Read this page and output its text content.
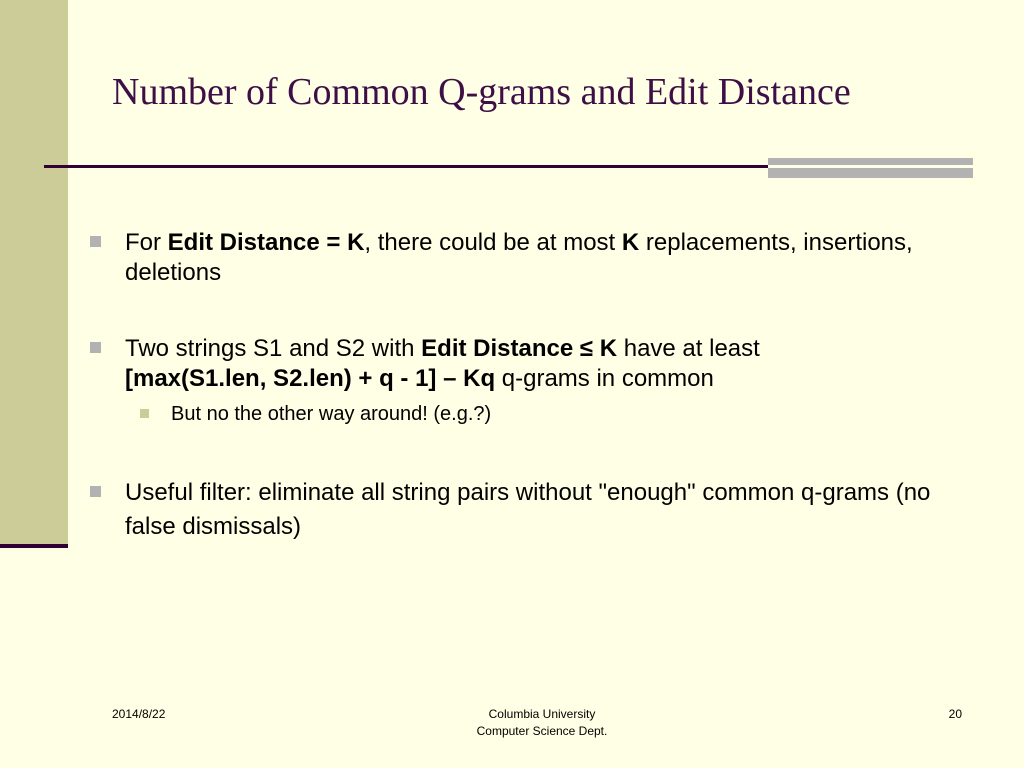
Number of Common Q-grams and Edit Distance
For Edit Distance = K, there could be at most K replacements, insertions, deletions
Two strings S1 and S2 with Edit Distance ≤ K have at least
[max(S1.len, S2.len) + q - 1] – Kq q-grams in common
But no the other way around! (e.g.?)
Useful filter: eliminate all string pairs without "enough" common q-grams (no false dismissals)
2014/8/22	Columbia University
Computer Science Dept.
20
